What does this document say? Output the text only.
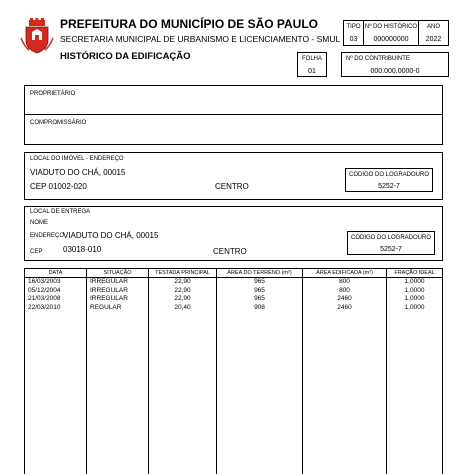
PREFEITURA DO MUNICÍPIO DE SÃO PAULO
SECRETARIA MUNICIPAL DE URBANISMO E LICENCIAMENTO - SMUL
HISTÓRICO DA EDIFICAÇÃO
TIPO
03
Nº DO HISTÓRICO
000000000
ANO
2022
FOLHA
01
Nº DO CONTRIBUINTE
000.000.0000-0
PROPRIETÁRIO
COMPROMISSÁRIO
LOCAL DO IMÓVEL - ENDEREÇO
VIADUTO DO CHÁ, 00015
CEP 01002-020	CENTRO
CÓDIGO DO LOGRADOURO
5252-7
LOCAL DE ENTREGA
NOME
ENDEREÇO
VIADUTO DO CHÁ, 00015
CEP	03018-010	CENTRO
CÓDIGO DO LOGRADOURO
5252-7
DATA	SITUAÇÃO	TESTADA PRINCIPAL	ÁREA DO TERRENO (m²)	ÁREA EDIFICADA (m²)	FRAÇÃO IDEAL
16/03/2003	IRREGULAR	22,90	965	800	1,0000
05/12/2004	IRREGULAR	22,90	965	800	1,0000
21/03/2008	IRREGULAR	22,90	965	2460	1,0000
22/03/2010	REGULAR	20,40	908	2460	1,0000
